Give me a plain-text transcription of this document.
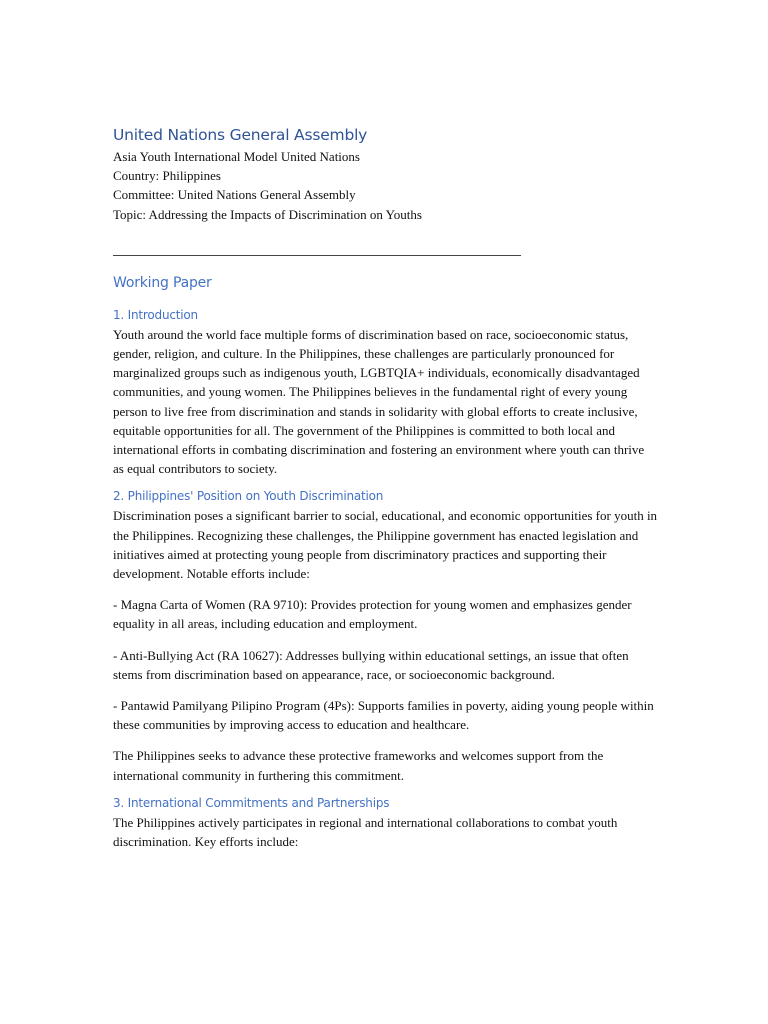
United Nations General Assembly

Asia Youth International Model United Nations

Country: Philippines

Committee: United Nations General Assembly

Topic: Addressing the Impacts of Discrimination on Youths

Working Paper
1. Introduction

Youth around the world face multiple forms of discrimination based on race, socioeconomic status, gender, religion, and culture. In the Philippines, these challenges are particularly pronounced for marginalized groups such as indigenous youth, LGBTQIA+ individuals, economically disadvantaged communities, and young women. The Philippines believes in the fundamental right of every young person to live free from discrimination and stands in solidarity with global efforts to create inclusive, equitable opportunities for all. The government of the Philippines is committed to both local and international efforts in combating discrimination and fostering an environment where youth can thrive as equal contributors to society.

2. Philippines' Position on Youth Discrimination

Discrimination poses a significant barrier to social, educational, and economic opportunities for youth in the Philippines. Recognizing these challenges, the Philippine government has enacted legislation and initiatives aimed at protecting young people from discriminatory practices and supporting their development. Notable efforts include:

- Magna Carta of Women (RA 9710): Provides protection for young women and emphasizes gender equality in all areas, including education and employment.

- Anti-Bullying Act (RA 10627): Addresses bullying within educational settings, an issue that often stems from discrimination based on appearance, race, or socioeconomic background.

- Pantawid Pamilyang Pilipino Program (4Ps): Supports families in poverty, aiding young people within these communities by improving access to education and healthcare.

The Philippines seeks to advance these protective frameworks and welcomes support from the international community in furthering this commitment.

3. International Commitments and Partnerships

The Philippines actively participates in regional and international collaborations to combat youth discrimination. Key efforts include:
